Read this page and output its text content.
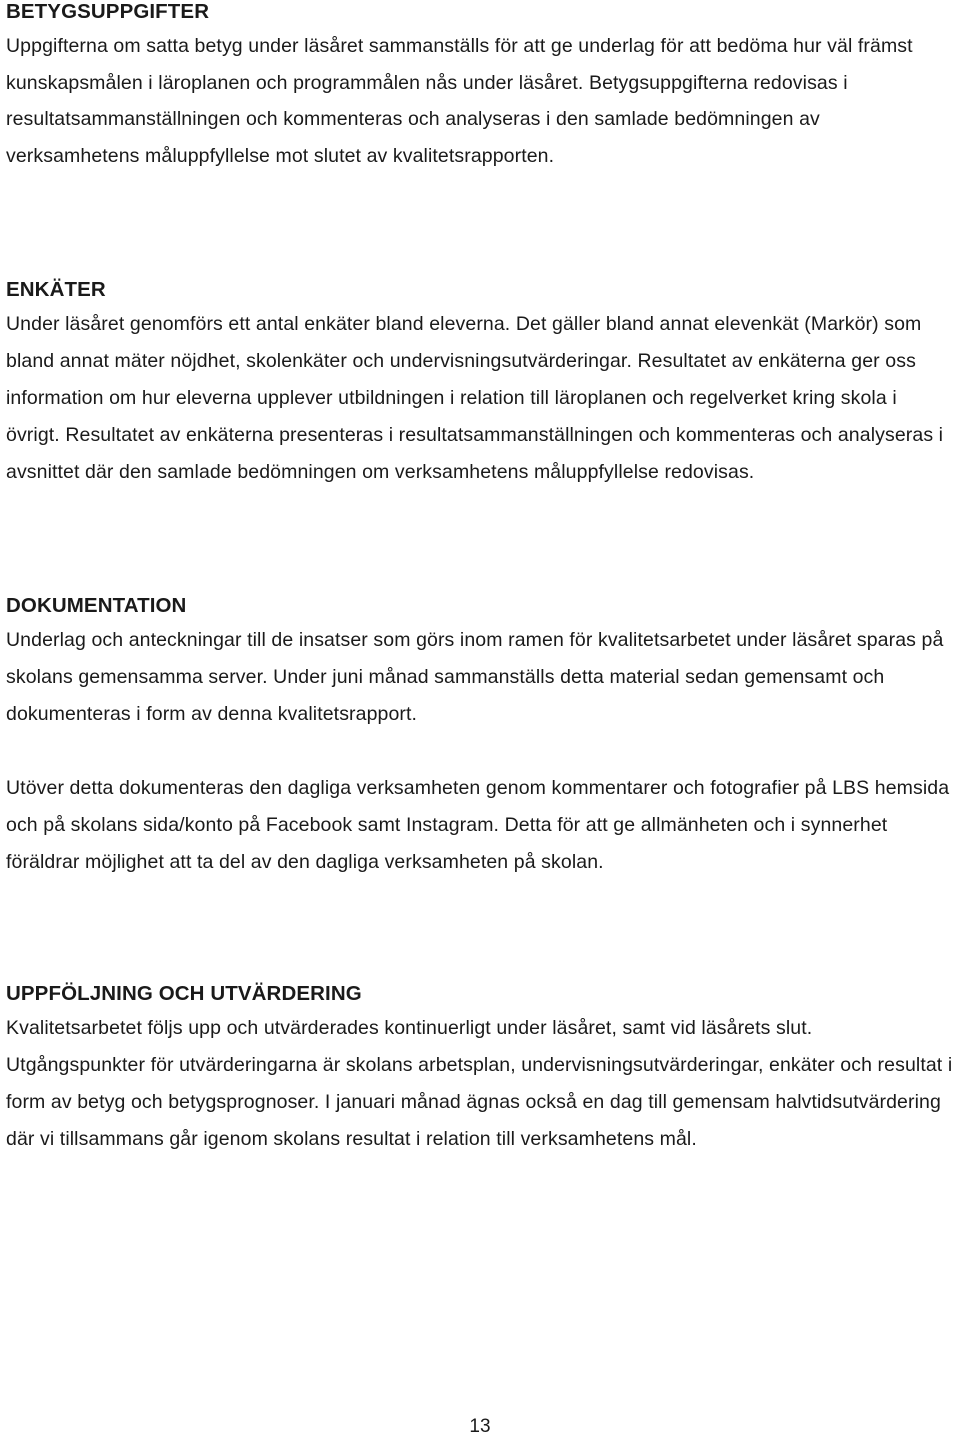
BETYGSUPPGIFTER

Uppgifterna om satta betyg under läsåret sammanställs för att ge underlag för att bedöma hur väl främst kunskapsmålen i läroplanen och programmålen nås under läsåret. Betygsuppgifterna redovisas i resultatsammanställningen och kommenteras och analyseras i den samlade bedömningen av verksamhetens måluppfyllelse mot slutet av kvalitetsrapporten.

ENKÄTER

Under läsåret genomförs ett antal enkäter bland eleverna. Det gäller bland annat elevenkät (Markör) som bland annat mäter nöjdhet, skolenkäter och undervisningsutvärderingar. Resultatet av enkäterna ger oss information om hur eleverna upplever utbildningen i relation till läroplanen och regelverket kring skola i övrigt. Resultatet av enkäterna presenteras i resultatsammanställningen och kommenteras och analyseras i avsnittet där den samlade bedömningen om verksamhetens måluppfyllelse redovisas.

DOKUMENTATION

Underlag och anteckningar till de insatser som görs inom ramen för kvalitetsarbetet under läsåret sparas på skolans gemensamma server. Under juni månad sammanställs detta material sedan gemensamt och dokumenteras i form av denna kvalitetsrapport.

Utöver detta dokumenteras den dagliga verksamheten genom kommentarer och fotografier på LBS hemsida och på skolans sida/konto på Facebook samt Instagram. Detta för att ge allmänheten och i synnerhet föräldrar möjlighet att ta del av den dagliga verksamheten på skolan.

UPPFÖLJNING OCH UTVÄRDERING

Kvalitetsarbetet följs upp och utvärderades kontinuerligt under läsåret, samt vid läsårets slut. Utgångspunkter för utvärderingarna är skolans arbetsplan, undervisningsutvärderingar, enkäter och resultat i form av betyg och betygsprognoser. I januari månad ägnas också en dag till gemensam halvtidsutvärdering där vi tillsammans går igenom skolans resultat i relation till verksamhetens mål.

13
